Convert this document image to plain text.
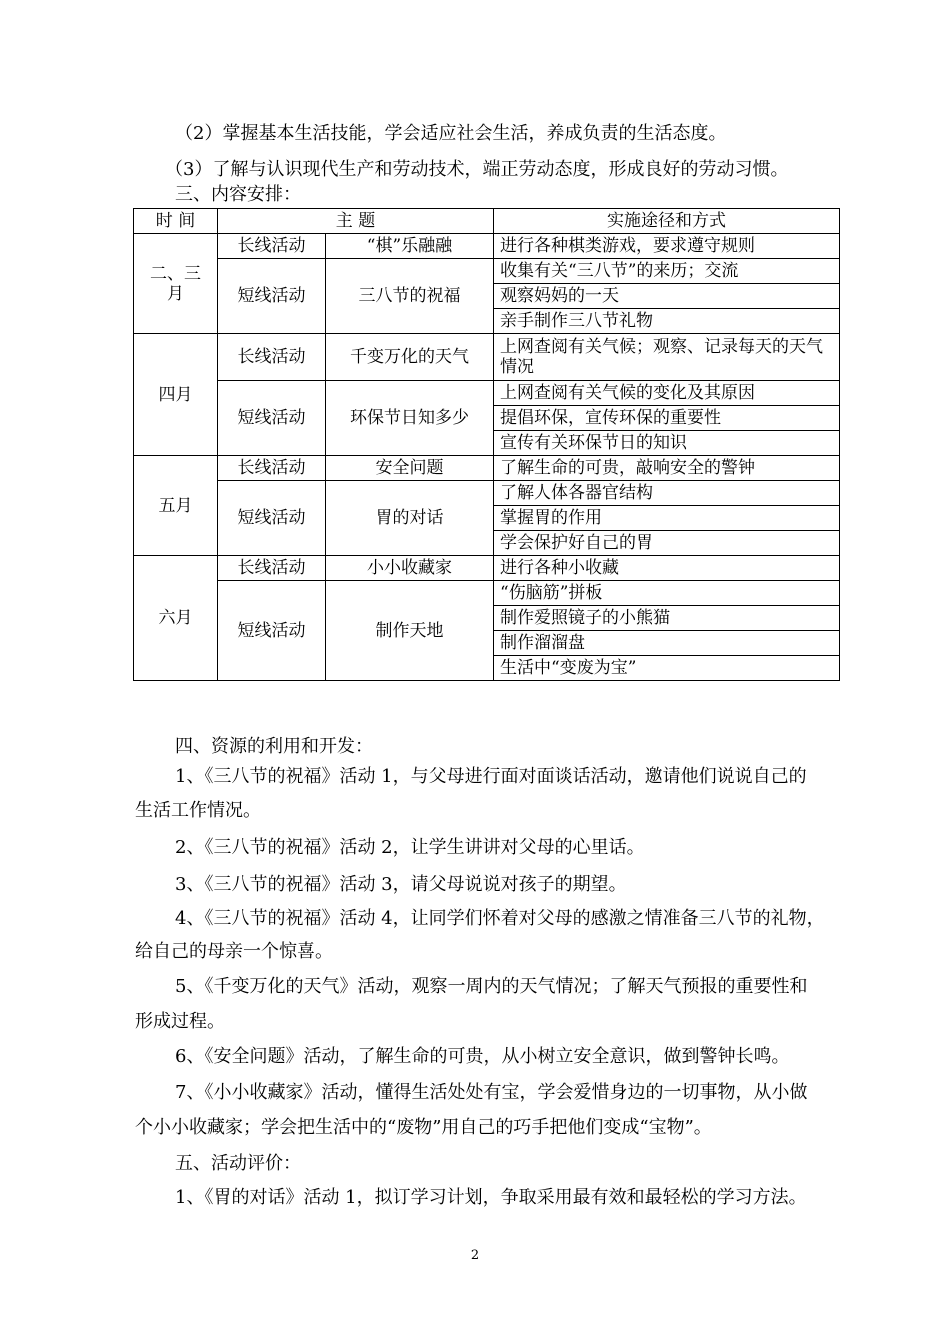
（2）掌握基本生活技能，学会适应社会生活，养成负责的生活态度。
（3）了解与认识现代生产和劳动技术，端正劳动态度，形成良好的劳动习惯。
三、内容安排：
时 间	主 题		实施途径和方式
二、三月	长线活动	“棋”乐融融	进行各种棋类游戏，要求遵守规则
	短线活动	三八节的祝福	收集有关“三八节”的来历；交流
			观察妈妈的一天
			亲手制作三八节礼物
四月	长线活动	千变万化的天气	上网查阅有关气候；观察、记录每天的天气情况
	短线活动	环保节日知多少	上网查阅有关气候的变化及其原因
			提倡环保，宣传环保的重要性
			宣传有关环保节日的知识
五月	长线活动	安全问题	了解生命的可贵，敲响安全的警钟
	短线活动	胃的对话	了解人体各器官结构
			掌握胃的作用
			学会保护好自己的胃
六月	长线活动	小小收藏家	进行各种小收藏
	短线活动	制作天地	“伤脑筋”拼板
			制作爱照镜子的小熊猫
			制作溜溜盘
			生活中“变废为宝”
四、资源的利用和开发：
1、《三八节的祝福》活动 1，与父母进行面对面谈话活动，邀请他们说说自己的
生活工作情况。
2、《三八节的祝福》活动 2，让学生讲讲对父母的心里话。
3、《三八节的祝福》活动 3，请父母说说对孩子的期望。
4、《三八节的祝福》活动 4，让同学们怀着对父母的感激之情准备三八节的礼物，
给自己的母亲一个惊喜。
5、《千变万化的天气》活动，观察一周内的天气情况；了解天气预报的重要性和
形成过程。
6、《安全问题》活动，了解生命的可贵，从小树立安全意识，做到警钟长鸣。
7、《小小收藏家》活动，懂得生活处处有宝，学会爱惜身边的一切事物，从小做
个小小收藏家；学会把生活中的“废物”用自己的巧手把他们变成“宝物”。
五、活动评价：
1、《胃的对话》活动 1，拟订学习计划，争取采用最有效和最轻松的学习方法。
2
